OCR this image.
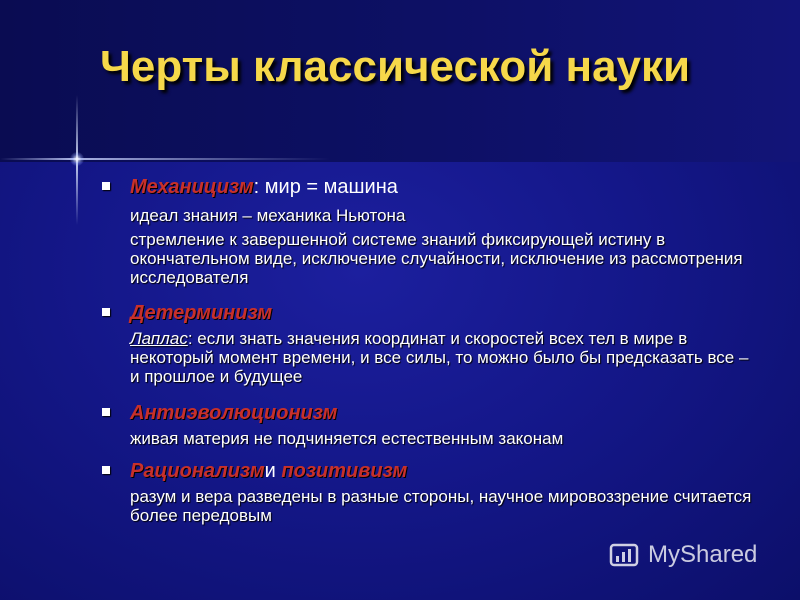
Черты классической науки
Механицизм: мир = машина
идеал знания – механика Ньютона
стремление к завершенной системе знаний фиксирующей истину в окончательном виде, исключение случайности, исключение из рассмотрения исследователя
Детерминизм
Лаплас: если знать значения координат и скоростей всех тел в мире в некоторый момент времени, и все силы, то можно было бы предсказать все – и прошлое и будущее
Антиэволюционизм
живая материя не подчиняется естественным законам
Рационализми позитивизм
разум и вера разведены в разные стороны, научное мировоззрение считается более передовым
MyShared
